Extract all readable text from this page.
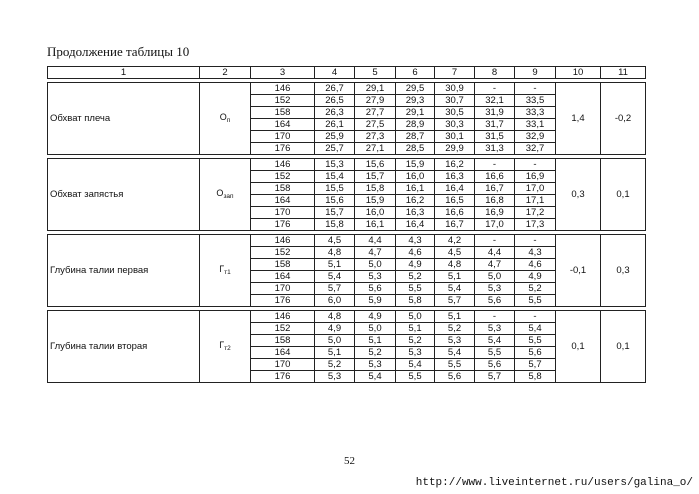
Продолжение таблицы 10
1	2	3	4	5	6	7	8	9	10	11

Обхват плеча	$О_п$	146	26,7	29,1	29,5	30,9	-	-	1,4	-0,2
		152	26,5	27,9	29,3	30,7	32,1	33,5		
		158	26,3	27,7	29,1	30,5	31,9	33,3		
		164	26,1	27,5	28,9	30,3	31,7	33,1		
		170	25,9	27,3	28,7	30,1	31,5	32,9		
		176	25,7	27,1	28,5	29,9	31,3	32,7		

Обхват запястья	$О_{зап}$	146	15,3	15,6	15,9	16,2	-	-	0,3	0,1
		152	15,4	15,7	16,0	16,3	16,6	16,9		
		158	15,5	15,8	16,1	16,4	16,7	17,0		
		164	15,6	15,9	16,2	16,5	16,8	17,1		
		170	15,7	16,0	16,3	16,6	16,9	17,2		
		176	15,8	16,1	16,4	16,7	17,0	17,3		

Глубина талии первая	$Г_{т1}$	146	4,5	4,4	4,3	4,2	-	-	-0,1	0,3
		152	4,8	4,7	4,6	4,5	4,4	4,3		
		158	5,1	5,0	4,9	4,8	4,7	4,6		
		164	5,4	5,3	5,2	5,1	5,0	4,9		
		170	5,7	5,6	5,5	5,4	5,3	5,2		
		176	6,0	5,9	5,8	5,7	5,6	5,5		

Глубина талии вторая	$Г_{т2}$	146	4,8	4,9	5,0	5,1	-	-	0,1	0,1
		152	4,9	5,0	5,1	5,2	5,3	5,4		
		158	5,0	5,1	5,2	5,3	5,4	5,5		
		164	5,1	5,2	5,3	5,4	5,5	5,6		
		170	5,2	5,3	5,4	5,5	5,6	5,7		
		176	5,3	5,4	5,5	5,6	5,7	5,8		
52
http://www.liveinternet.ru/users/galina_o/
